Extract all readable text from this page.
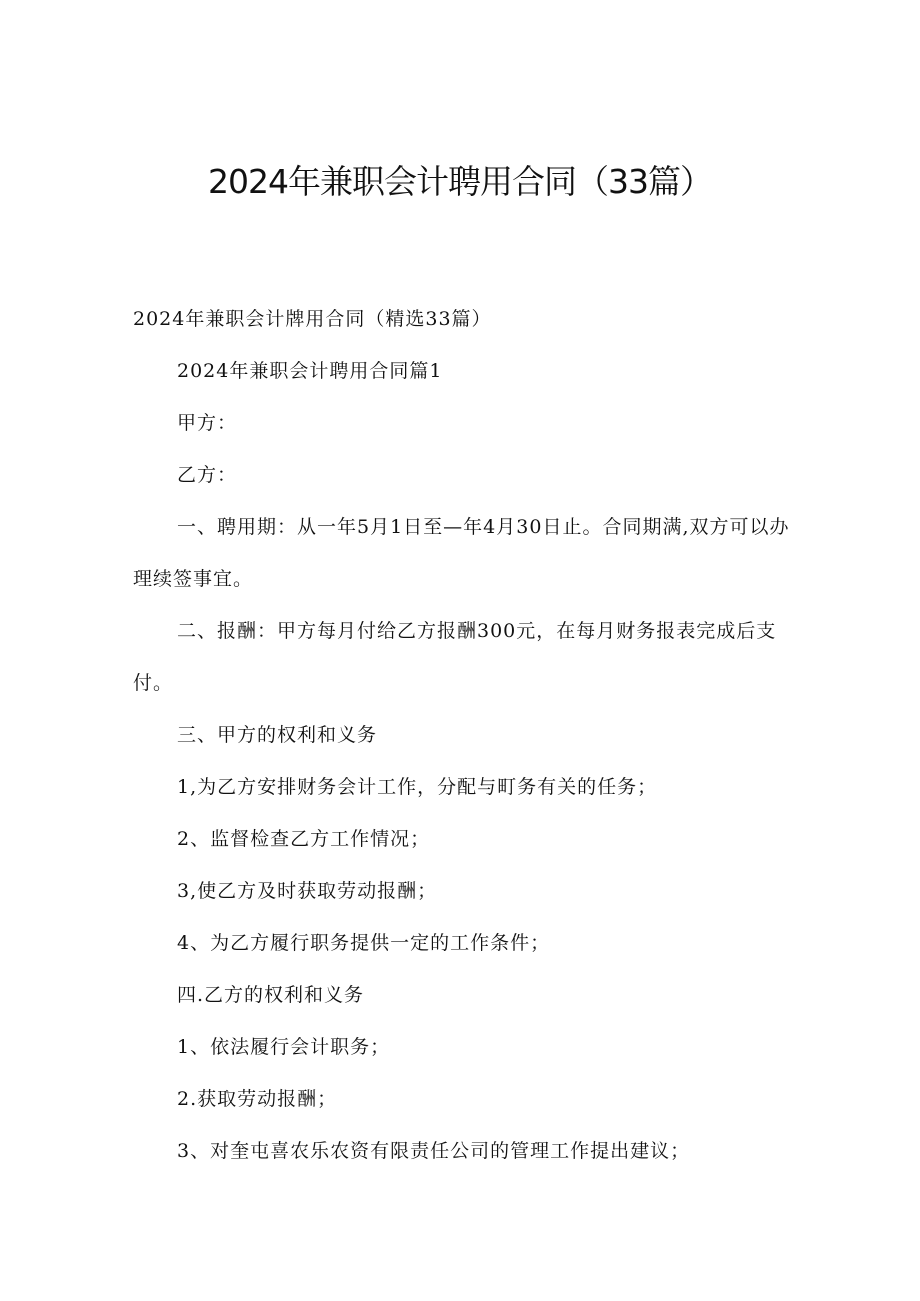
2024年兼职会计聘用合同（33篇）
2024年兼职会计牌用合同（精选33篇）
2024年兼职会计聘用合同篇1
甲方：
乙方：
一、聘用期：从一年5月1日至—年4月30日止。合同期满,双方可以办
理续签事宜。
二、报酬：甲方每月付给乙方报酬300元，在每月财务报表完成后支
付。
三、甲方的权利和义务
1,为乙方安排财务会计工作，分配与町务有关的任务；
2、监督检查乙方工作情况；
3,使乙方及时获取劳动报酬；
4、为乙方履行职务提供一定的工作条件；
四.乙方的权利和义务
1、依法履行会计职务；
2.获取劳动报酬；
3、对奎屯喜农乐农资有限责任公司的管理工作提出建议；
